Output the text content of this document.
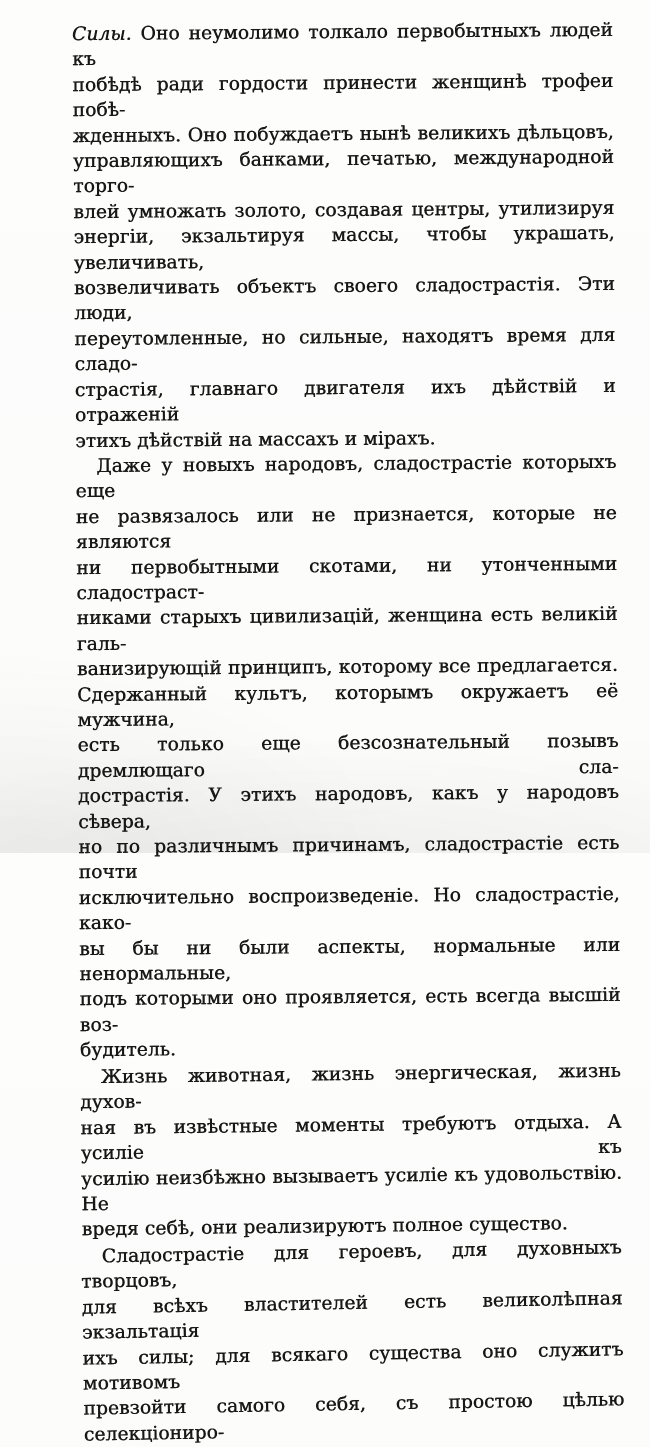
Силы. Оно неумолимо толкало первобытныхъ людей къ
побѣдѣ ради гордости принести женщинѣ трофеи побѣ-
жденныхъ. Оно побуждаетъ нынѣ великихъ дѣльцовъ,
управляющихъ банками, печатью, международной торго-
влей умножать золото, создавая центры, утилизируя
энергіи, экзальтируя массы, чтобы украшать, увеличивать,
возвеличивать объектъ своего сладострастія. Эти люди,
переутомленные, но сильные, находятъ время для сладо-
страстія, главнаго двигателя ихъ дѣйствій и отраженій
этихъ дѣйствій на массахъ и мірахъ.
Даже у новыхъ народовъ, сладострастіе которыхъ еще
не развязалось или не признается, которые не являются
ни первобытными скотами, ни утонченными сладостраст-
никами старыхъ цивилизацій, женщина есть великій галь-
ванизирующій принципъ, которому все предлагается.
Сдержанный культъ, которымъ окружаетъ её мужчина,
есть только еще безсознательный позывъ дремлющаго сла-
дострастія. У этихъ народовъ, какъ у народовъ сѣвера,
но по различнымъ причинамъ, сладострастіе есть почти
исключительно воспроизведеніе. Но сладострастіе, како-
вы бы ни были аспекты, нормальные или ненормальные,
подъ которыми оно проявляется, есть всегда высшій воз-
будитель.
Жизнь животная, жизнь энергическая, жизнь духов-
ная въ извѣстные моменты требуютъ отдыха. А усиліе къ
усилію неизбѣжно вызываетъ усиліе къ удовольствію. Не
вредя себѣ, они реализируютъ полное существо.
Сладострастіе для героевъ, для духовныхъ творцовъ,
для всѣхъ властителей есть великолѣпная экзальтація
ихъ силы; для всякаго существа оно служитъ мотивомъ
превзойти самого себя, съ простою цѣлью селекціониро-
